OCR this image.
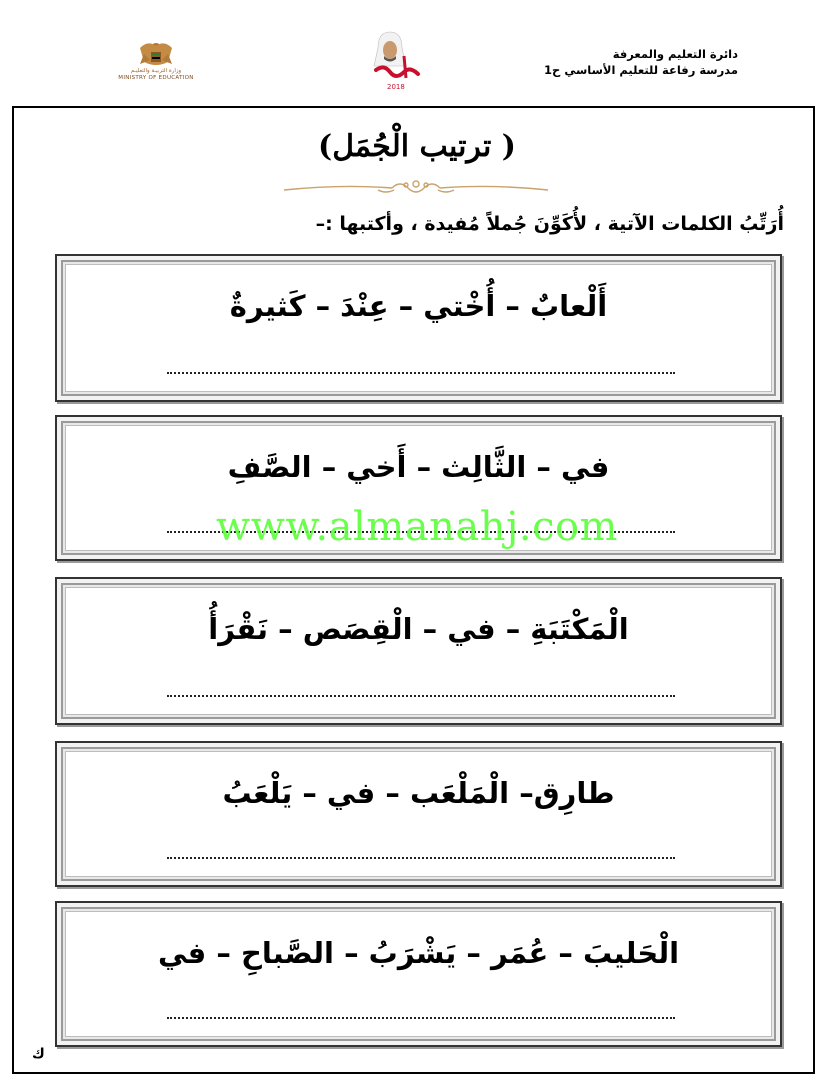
دائرة التعليم والمعرفة
مدرسة رفاعة للتعليم الأساسي ح1
وزارة التربيـة والتعليـم
MINISTRY OF EDUCATION
2018
( ترتيب الْجُمَل)
أُرَتِّبُ الكلمات الآتية ، لأُكَوِّنَ جُملاً مُفيدة ، وأكتبها :–
أَلْعابٌ – أُخْتي – عِنْدَ – كَثيرةٌ
في – الثَّالِث – أَخي – الصَّفِ
الْمَكْتَبَةِ – في – الْقِصَص – نَقْرَأُ
طارِق– الْمَلْعَب – في – يَلْعَبُ
الْحَليبَ – عُمَر – يَشْرَبُ – الصَّباحِ – في
www.almanahj.com
ك
